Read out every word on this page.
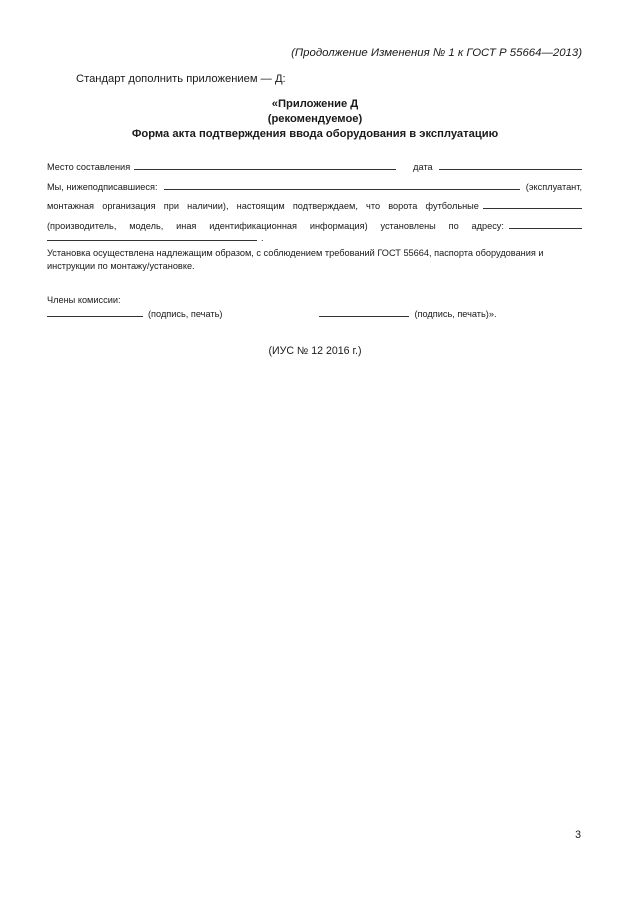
(Продолжение Изменения № 1 к ГОСТ Р 55664—2013)
Стандарт дополнить приложением — Д:
«Приложение Д
(рекомендуемое)
Форма акта подтверждения ввода оборудования в эксплуатацию
Место составления	дата
Мы, нижеподписавшиеся:	(эксплуатант,
монтажная организация при наличии), настоящим подтверждаем, что ворота футбольные
(производитель, модель, иная идентификационная информация) установлены по адресу:
.
Установка осуществлена надлежащим образом, с соблюдением требований ГОСТ 55664, паспорта оборудования и инструкции по монтажу/установке.
Члены комиссии:
(подпись, печать)	(подпись, печать)».
(ИУС № 12 2016 г.)
3
